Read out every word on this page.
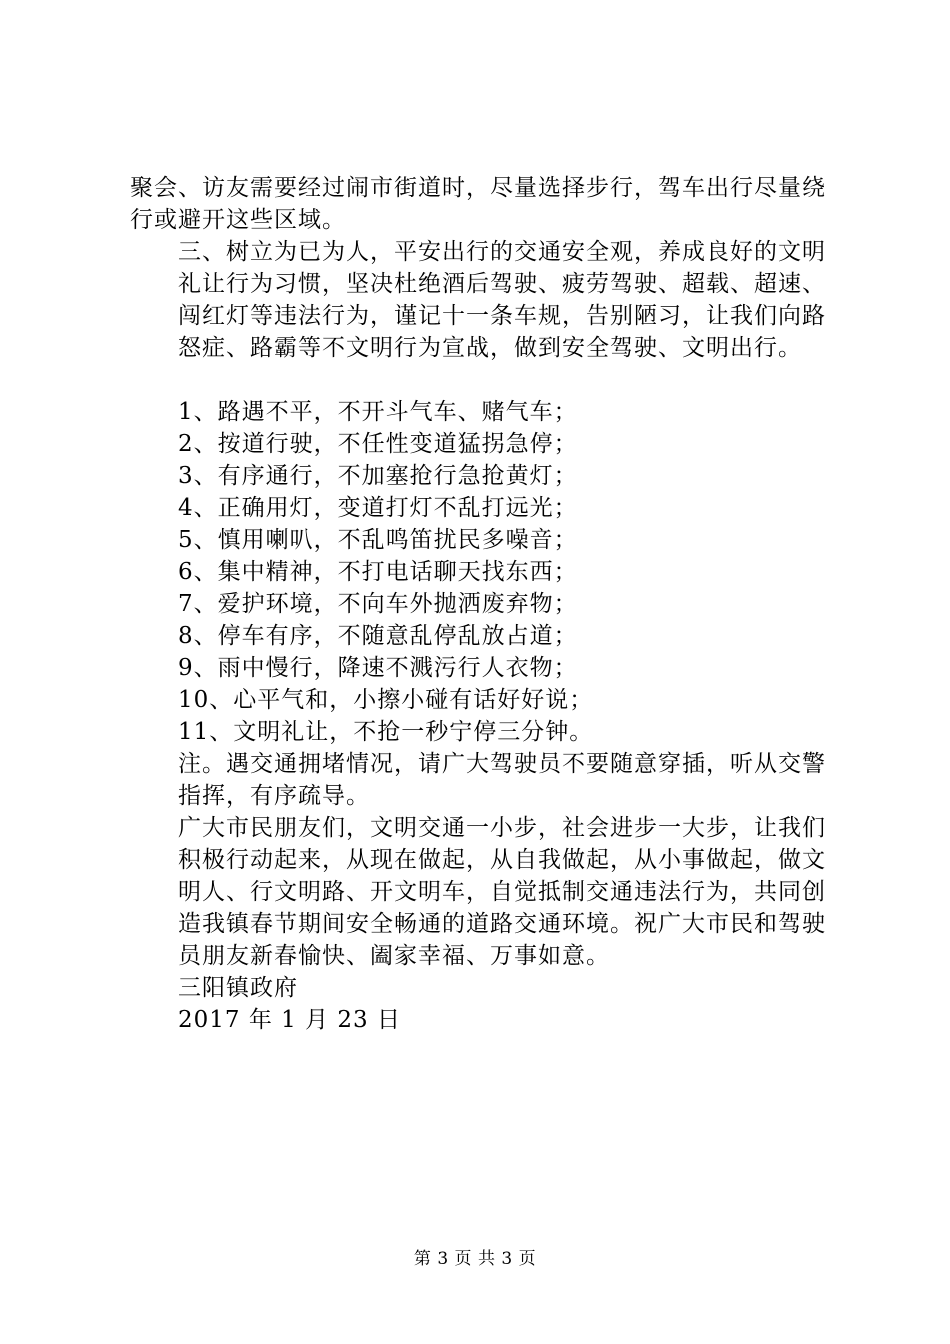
聚会、访友需要经过闹市街道时，尽量选择步行，驾车出行尽量绕行或避开这些区域。

三、树立为已为人，平安出行的交通安全观，养成良好的文明礼让行为习惯，坚决杜绝酒后驾驶、疲劳驾驶、超载、超速、闯红灯等违法行为，谨记十一条车规，告别陋习，让我们向路怒症、路霸等不文明行为宣战，做到安全驾驶、文明出行。

1、路遇不平，不开斗气车、赌气车；

2、按道行驶，不任性变道猛拐急停；

3、有序通行，不加塞抢行急抢黄灯；

4、正确用灯，变道打灯不乱打远光；

5、慎用喇叭，不乱鸣笛扰民多噪音；

6、集中精神，不打电话聊天找东西；

7、爱护环境，不向车外抛洒废弃物；

8、停车有序，不随意乱停乱放占道；

9、雨中慢行，降速不溅污行人衣物；

10、心平气和，小擦小碰有话好好说；

11、文明礼让，不抢一秒宁停三分钟。

注。遇交通拥堵情况，请广大驾驶员不要随意穿插，听从交警指挥，有序疏导。

广大市民朋友们，文明交通一小步，社会进步一大步，让我们积极行动起来，从现在做起，从自我做起，从小事做起，做文明人、行文明路、开文明车，自觉抵制交通违法行为，共同创造我镇春节期间安全畅通的道路交通环境。祝广大市民和驾驶员朋友新春愉快、阖家幸福、万事如意。

三阳镇政府

2017 年 1 月 23 日

第 3 页 共 3 页
